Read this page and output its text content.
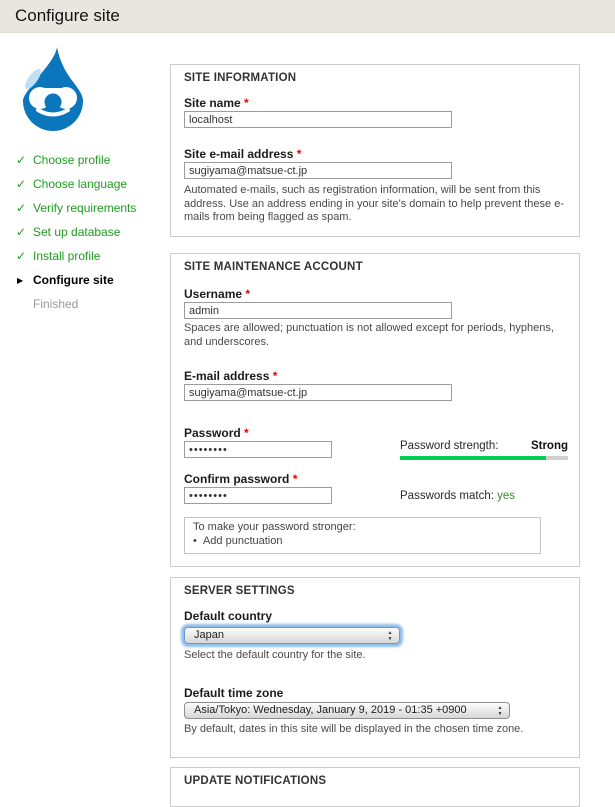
Configure site
✓ Choose profile
✓ Choose language
✓ Verify requirements
✓ Set up database
✓ Install profile
▶ Configure site
Finished
SITE INFORMATION
Site name *
localhost
Site e-mail address *
sugiyama@matsue-ct.jp
Automated e-mails, such as registration information, will be sent from this address. Use an address ending in your site's domain to help prevent these e-mails from being flagged as spam.
SITE MAINTENANCE ACCOUNT
Username *
admin
Spaces are allowed; punctuation is not allowed except for periods, hyphens, and underscores.
E-mail address *
sugiyama@matsue-ct.jp
Password *
••••••••
Password strength:	Strong
Confirm password *
••••••••
Passwords match: yes
To make your password stronger:
•  Add punctuation
SERVER SETTINGS
Default country
Japan	▲
▼
Select the default country for the site.
Default time zone
Asia/Tokyo: Wednesday, January 9, 2019 - 01:35 +0900	▲
▼
By default, dates in this site will be displayed in the chosen time zone.
UPDATE NOTIFICATIONS
